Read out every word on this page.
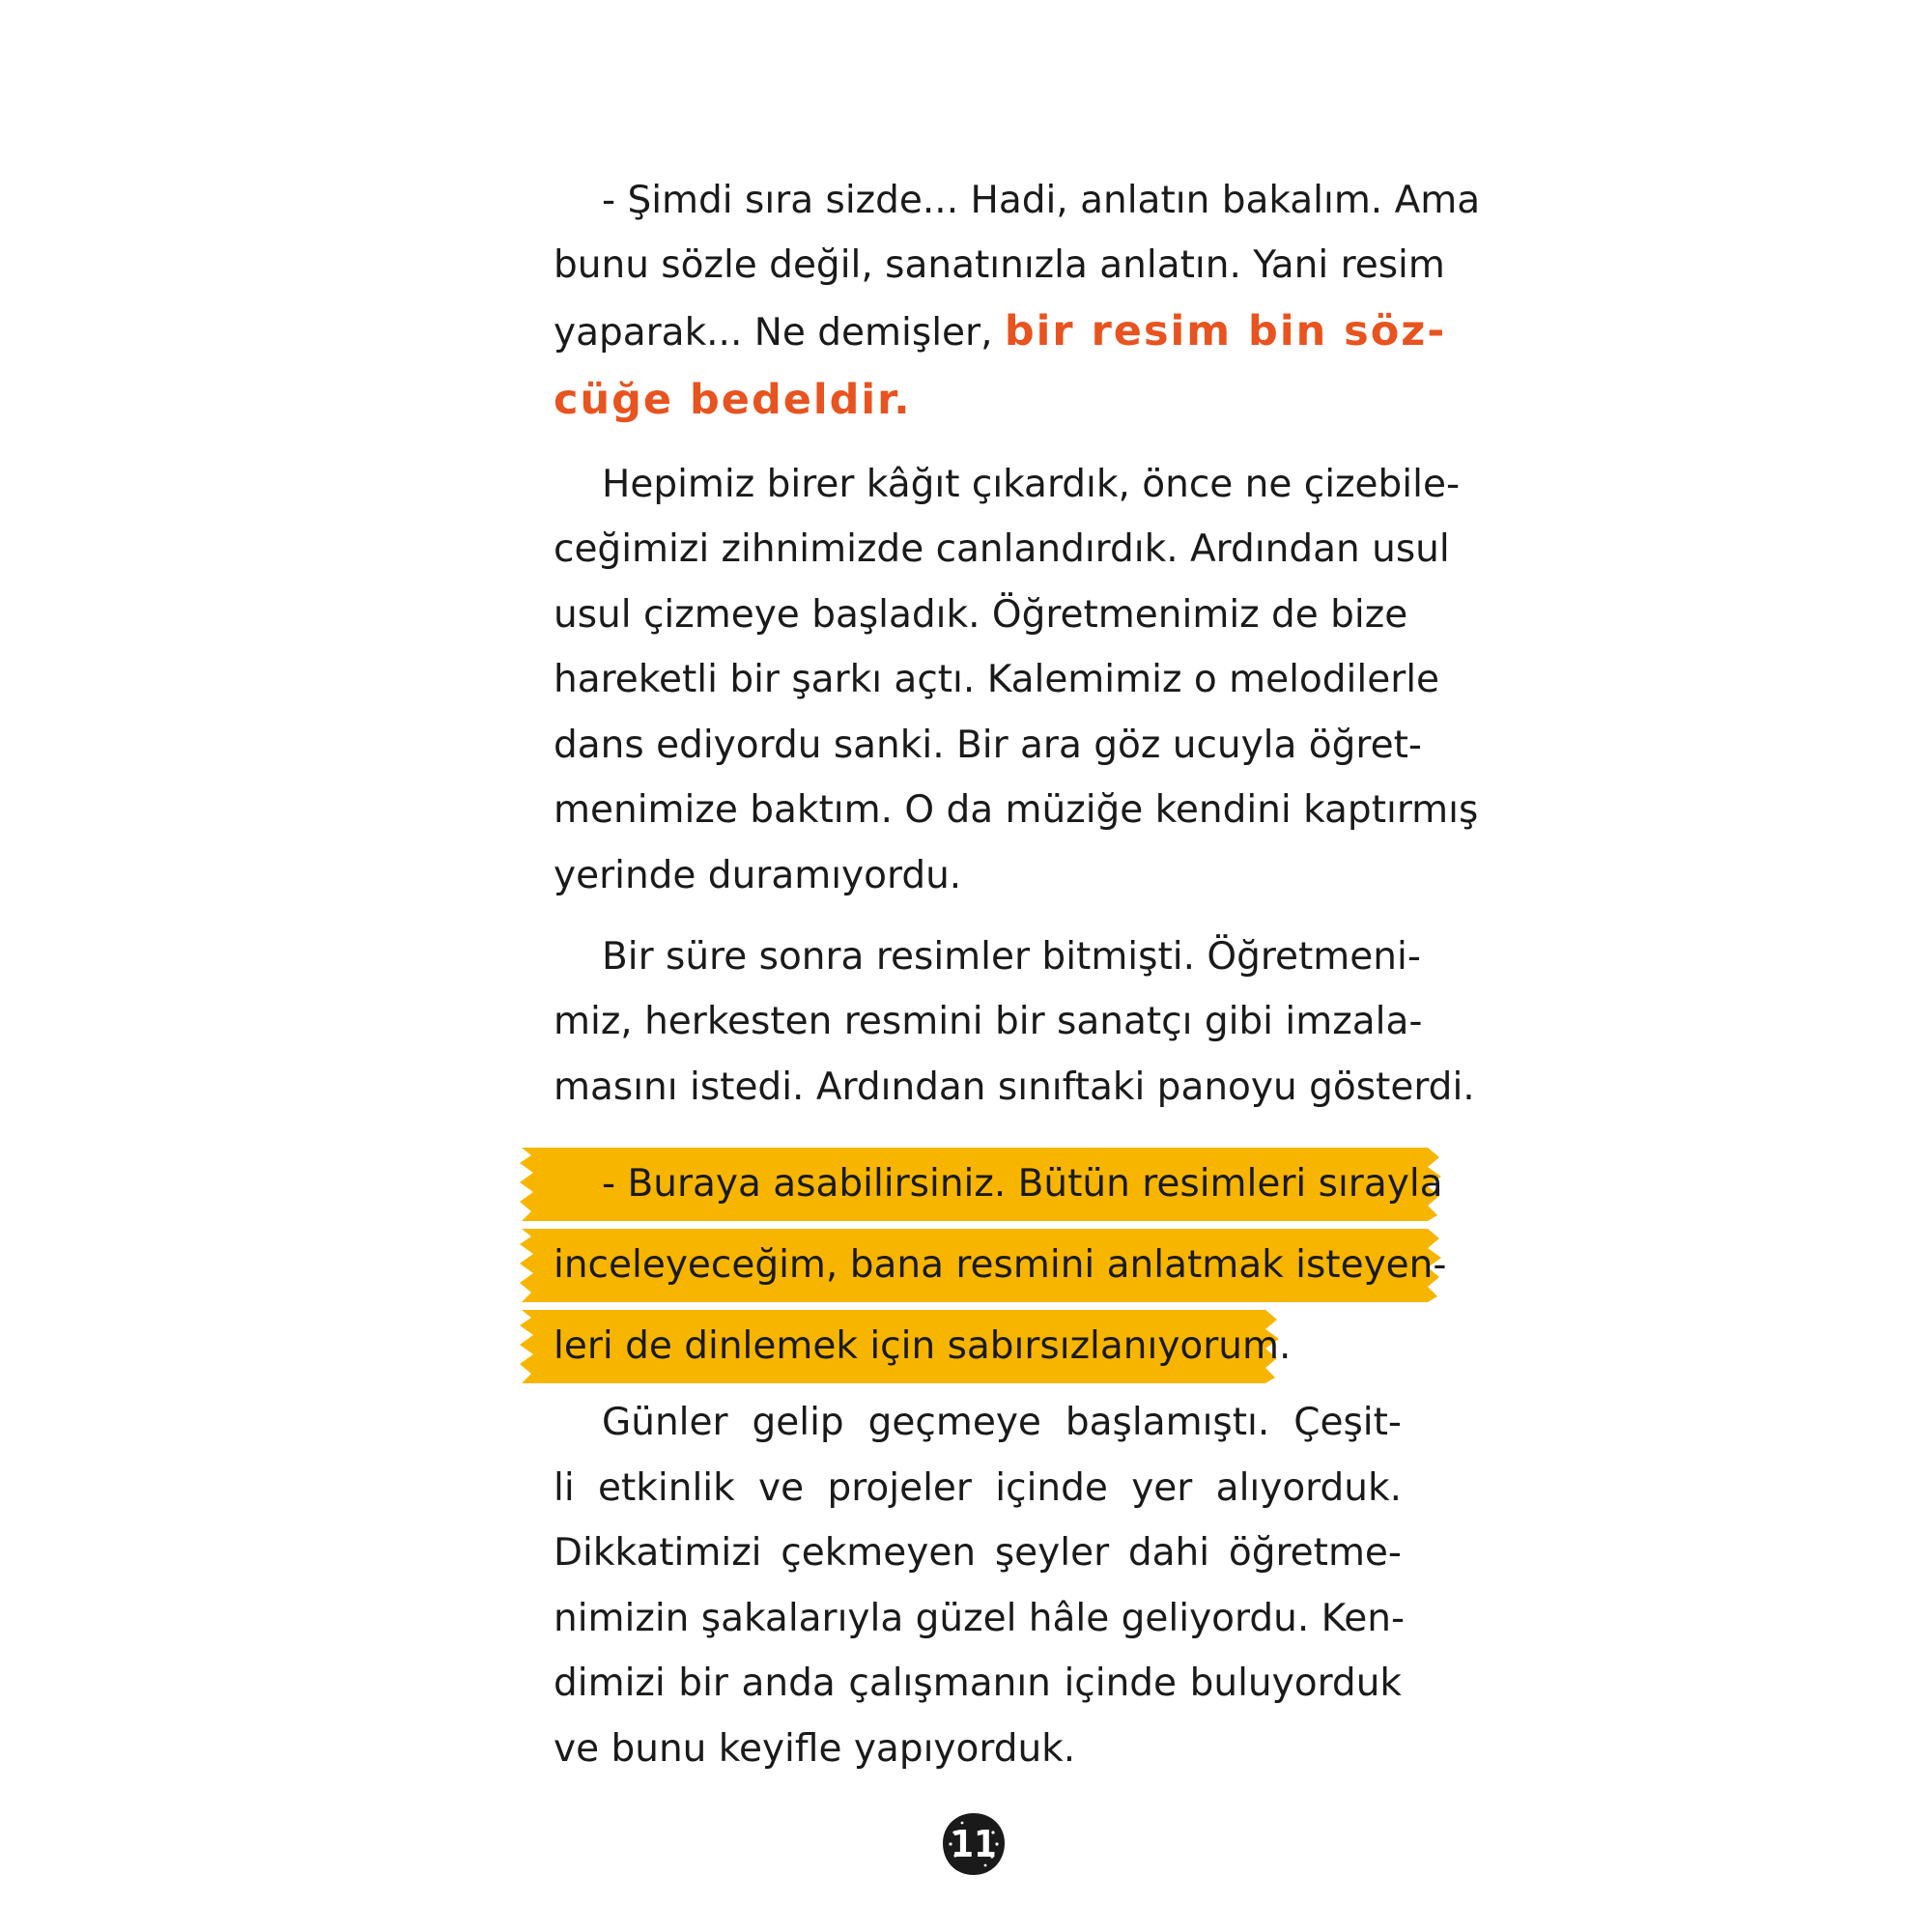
- Şimdi sıra sizde... Hadi, anlatın bakalım. Ama
bunu sözle değil, sanatınızla anlatın. Yani resim
yaparak... Ne demişler, bir resim bin söz-
cüğe bedeldir.
Hepimiz birer kâğıt çıkardık, önce ne çizebile-
ceğimizi zihnimizde canlandırdık. Ardından usul
usul çizmeye başladık. Öğretmenimiz de bize
hareketli bir şarkı açtı. Kalemimiz o melodilerle
dans ediyordu sanki. Bir ara göz ucuyla öğret-
menimize baktım. O da müziğe kendini kaptırmış
yerinde duramıyordu.
Bir süre sonra resimler bitmişti. Öğretmeni-
miz, herkesten resmini bir sanatçı gibi imzala-
masını istedi. Ardından sınıftaki panoyu gösterdi.
- Buraya asabilirsiniz. Bütün resimleri sırayla
inceleyeceğim, bana resmini anlatmak isteyen-
leri de dinlemek için sabırsızlanıyorum.
Günler gelip geçmeye başlamıştı. Çeşit-
li etkinlik ve projeler içinde yer alıyorduk.
Dikkatimizi çekmeyen şeyler dahi öğretme-
nimizin şakalarıyla güzel hâle geliyordu. Ken-
dimizi bir anda çalışmanın içinde buluyorduk
ve bunu keyifle yapıyorduk.
11
